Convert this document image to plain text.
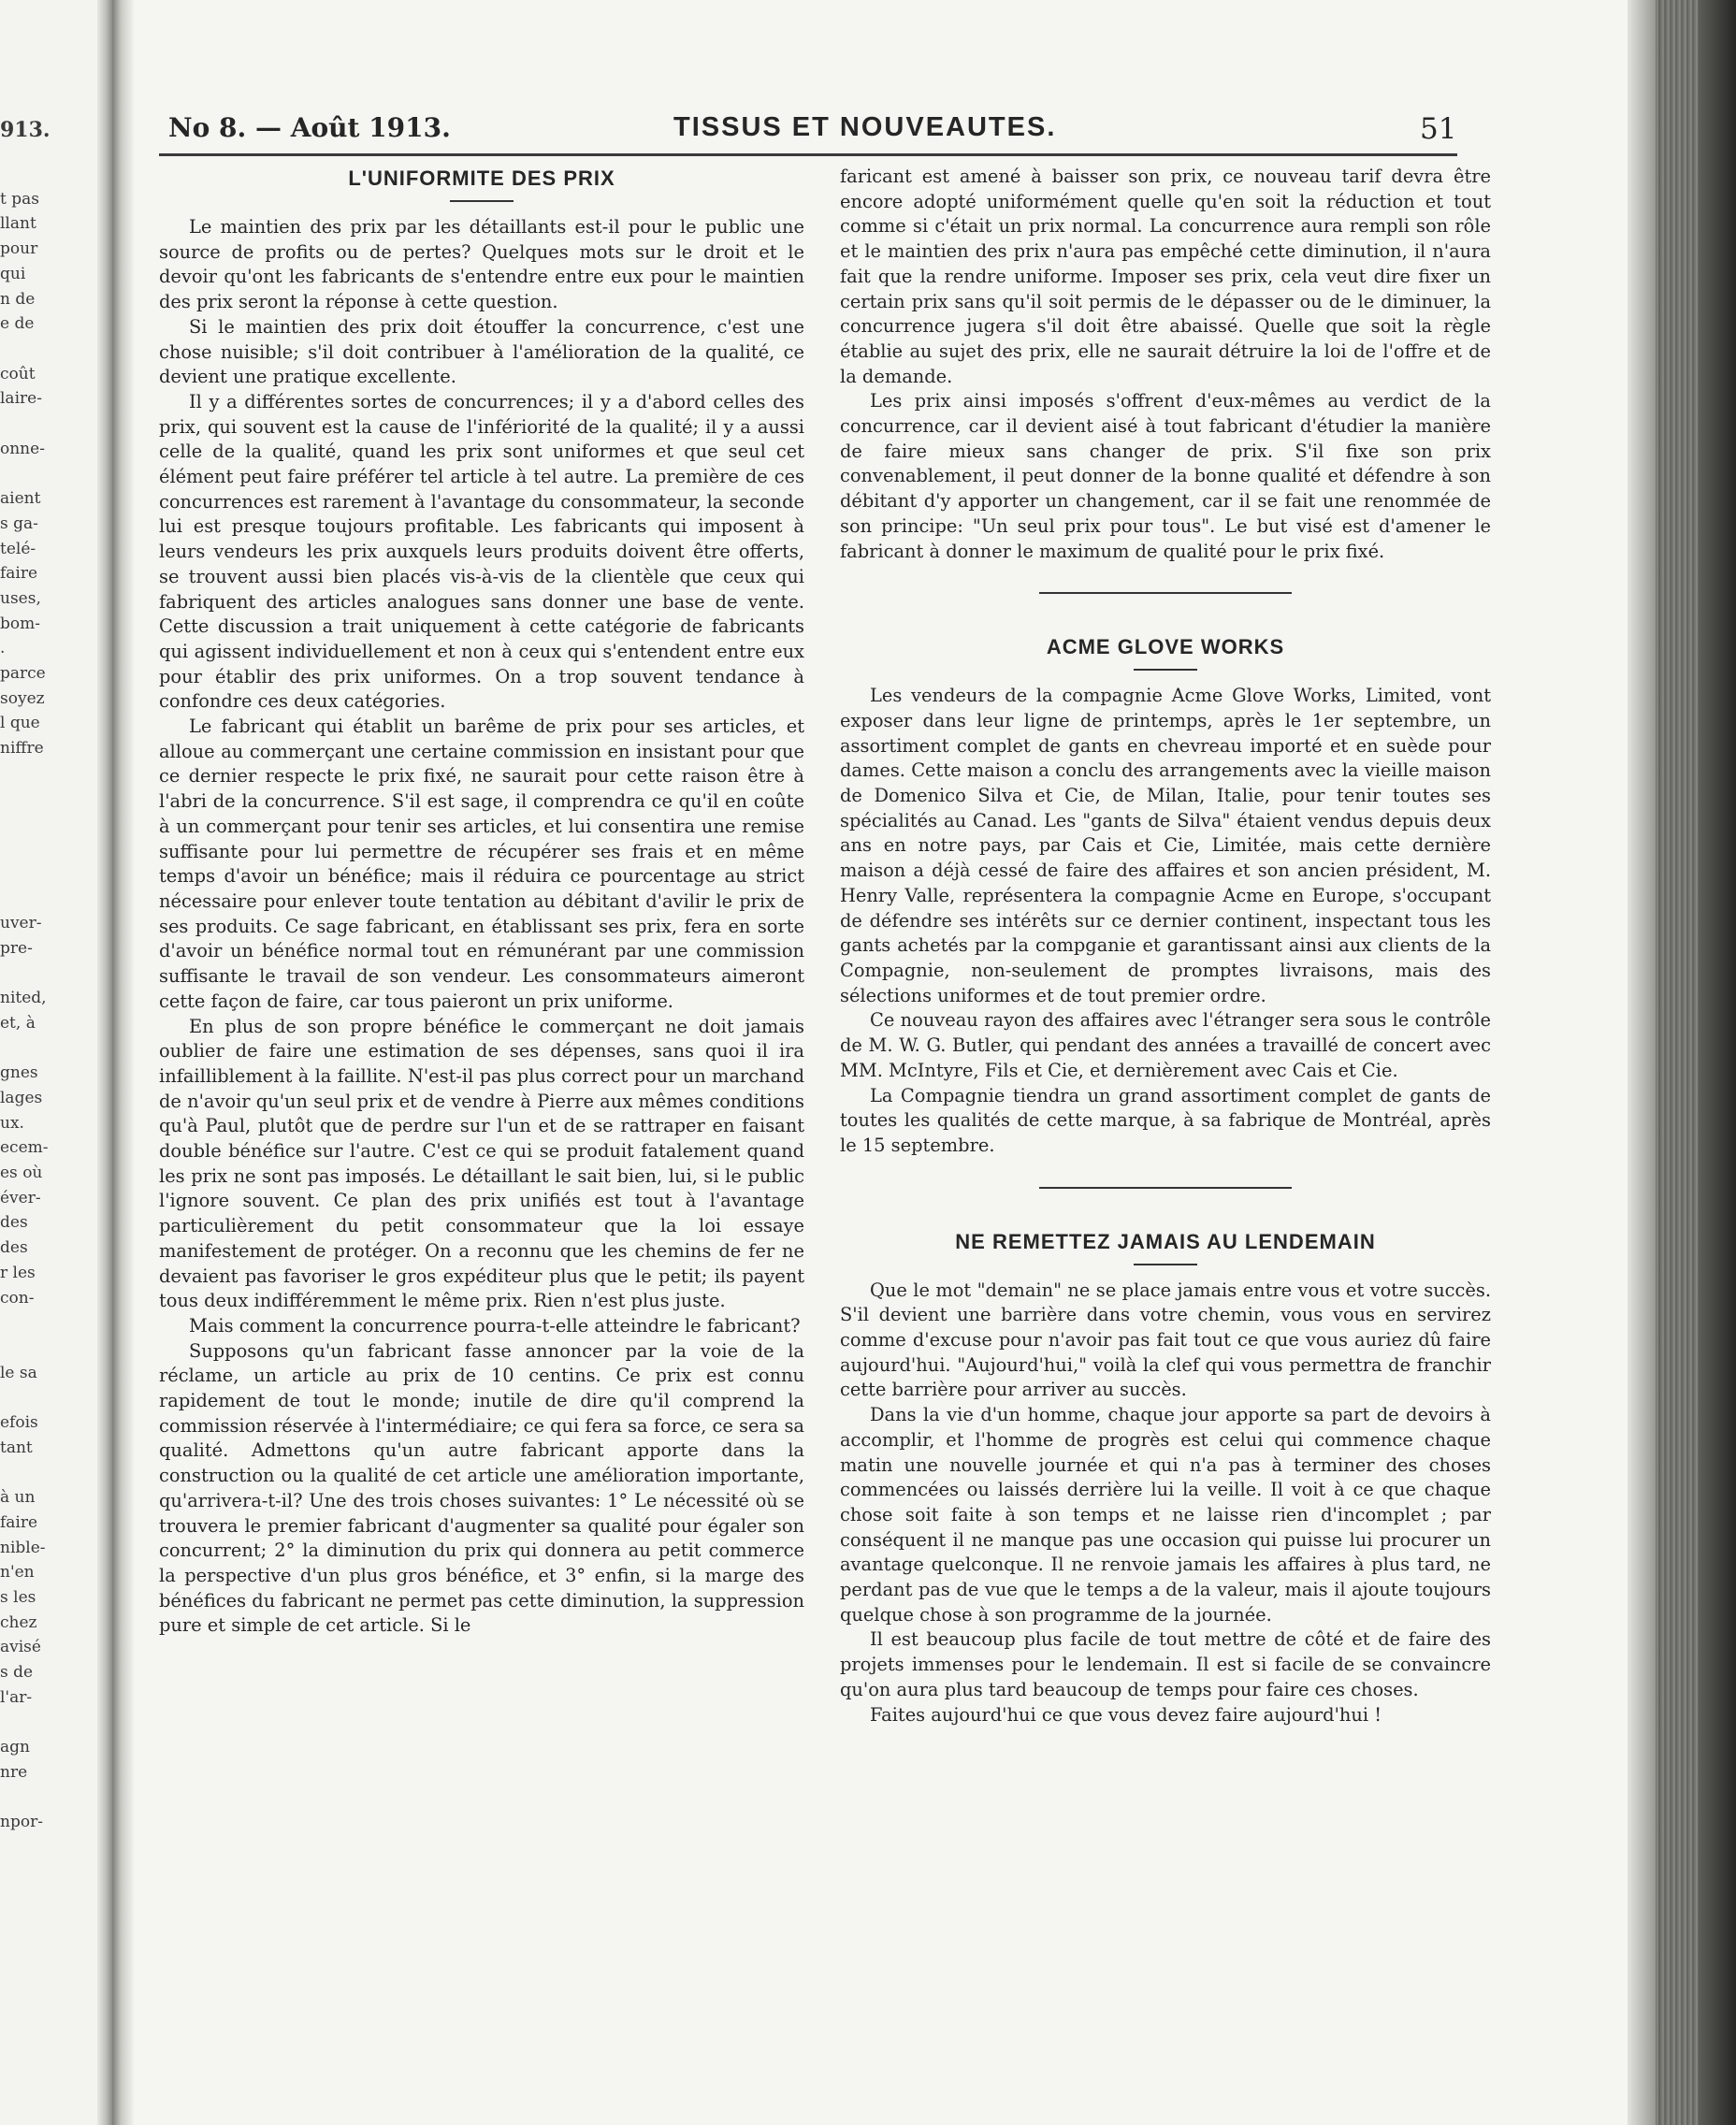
913.
t pas
llant
pour
qui
n de
e de
coût
laire-
onne-
aient
s ga-
telé-
faire
uses,
bom-
.
parce
soyez
l que
niffre
uver-
pre-
nited,
et, à
gnes
lages
ux.
ecem-
es où
éver-
des
des
r les
con-
le sa
efois
tant
à un
faire
nible-
n'en
s les
chez
avisé
s de
l'ar-
agn
nre
npor-
No 8. — Août 1913.	TISSUS ET NOUVEAUTES.	51
L'UNIFORMITE DES PRIX

Le maintien des prix par les détaillants est-il pour le public une source de profits ou de pertes? Quelques mots sur le droit et le devoir qu'ont les fabricants de s'entendre entre eux pour le maintien des prix seront la réponse à cette question.

Si le maintien des prix doit étouffer la concurrence, c'est une chose nuisible; s'il doit contribuer à l'amélioration de la qualité, ce devient une pratique excellente.

Il y a différentes sortes de concurrences; il y a d'abord celles des prix, qui souvent est la cause de l'infériorité de la qualité; il y a aussi celle de la qualité, quand les prix sont uniformes et que seul cet élément peut faire préférer tel article à tel autre. La première de ces concurrences est rarement à l'avantage du consommateur, la seconde lui est presque toujours profitable. Les fabricants qui imposent à leurs vendeurs les prix auxquels leurs produits doivent être offerts, se trouvent aussi bien placés vis-à-vis de la clientèle que ceux qui fabriquent des articles analogues sans donner une base de vente. Cette discussion a trait uniquement à cette catégorie de fabricants qui agissent individuellement et non à ceux qui s'entendent entre eux pour établir des prix uniformes. On a trop souvent tendance à confondre ces deux catégories.

Le fabricant qui établit un barême de prix pour ses articles, et alloue au commerçant une certaine commission en insistant pour que ce dernier respecte le prix fixé, ne saurait pour cette raison être à l'abri de la concurrence. S'il est sage, il comprendra ce qu'il en coûte à un commerçant pour tenir ses articles, et lui consentira une remise suffisante pour lui permettre de récupérer ses frais et en même temps d'avoir un bénéfice; mais il réduira ce pourcentage au strict nécessaire pour enlever toute tentation au débitant d'avilir le prix de ses produits. Ce sage fabricant, en établissant ses prix, fera en sorte d'avoir un bénéfice normal tout en rémunérant par une commission suffisante le travail de son vendeur. Les consommateurs aimeront cette façon de faire, car tous paieront un prix uniforme.

En plus de son propre bénéfice le commerçant ne doit jamais oublier de faire une estimation de ses dépenses, sans quoi il ira infailliblement à la faillite. N'est-il pas plus correct pour un marchand de n'avoir qu'un seul prix et de vendre à Pierre aux mêmes conditions qu'à Paul, plutôt que de perdre sur l'un et de se rattraper en faisant double bénéfice sur l'autre. C'est ce qui se produit fatalement quand les prix ne sont pas imposés. Le détaillant le sait bien, lui, si le public l'ignore souvent. Ce plan des prix unifiés est tout à l'avantage particulièrement du petit consommateur que la loi essaye manifestement de protéger. On a reconnu que les chemins de fer ne devaient pas favoriser le gros expéditeur plus que le petit; ils payent tous deux indifféremment le même prix. Rien n'est plus juste.

Mais comment la concurrence pourra-t-elle atteindre le fabricant?

Supposons qu'un fabricant fasse annoncer par la voie de la réclame, un article au prix de 10 centins. Ce prix est connu rapidement de tout le monde; inutile de dire qu'il comprend la commission réservée à l'intermédiaire; ce qui fera sa force, ce sera sa qualité. Admettons qu'un autre fabricant apporte dans la construction ou la qualité de cet article une amélioration importante, qu'arrivera-t-il? Une des trois choses suivantes: 1° Le nécessité où se trouvera le premier fabricant d'augmenter sa qualité pour égaler son concurrent; 2° la diminution du prix qui donnera au petit commerce la perspective d'un plus gros bénéfice, et 3° enfin, si la marge des bénéfices du fabricant ne permet pas cette diminution, la suppression pure et simple de cet article. Si le

faricant est amené à baisser son prix, ce nouveau tarif devra être encore adopté uniformément quelle qu'en soit la réduction et tout comme si c'était un prix normal. La concurrence aura rempli son rôle et le maintien des prix n'aura pas empêché cette diminution, il n'aura fait que la rendre uniforme. Imposer ses prix, cela veut dire fixer un certain prix sans qu'il soit permis de le dépasser ou de le diminuer, la concurrence jugera s'il doit être abaissé. Quelle que soit la règle établie au sujet des prix, elle ne saurait détruire la loi de l'offre et de la demande.

Les prix ainsi imposés s'offrent d'eux-mêmes au verdict de la concurrence, car il devient aisé à tout fabricant d'étudier la manière de faire mieux sans changer de prix. S'il fixe son prix convenablement, il peut donner de la bonne qualité et défendre à son débitant d'y apporter un changement, car il se fait une renommée de son principe: "Un seul prix pour tous". Le but visé est d'amener le fabricant à donner le maximum de qualité pour le prix fixé.

ACME GLOVE WORKS

Les vendeurs de la compagnie Acme Glove Works, Limited, vont exposer dans leur ligne de printemps, après le 1er septembre, un assortiment complet de gants en chevreau importé et en suède pour dames. Cette maison a conclu des arrangements avec la vieille maison de Domenico Silva et Cie, de Milan, Italie, pour tenir toutes ses spécialités au Canad. Les "gants de Silva" étaient vendus depuis deux ans en notre pays, par Cais et Cie, Limitée, mais cette dernière maison a déjà cessé de faire des affaires et son ancien président, M. Henry Valle, représentera la compagnie Acme en Europe, s'occupant de défendre ses intérêts sur ce dernier continent, inspectant tous les gants achetés par la compganie et garantissant ainsi aux clients de la Compagnie, non-seulement de promptes livraisons, mais des sélections uniformes et de tout premier ordre.

Ce nouveau rayon des affaires avec l'étranger sera sous le contrôle de M. W. G. Butler, qui pendant des années a travaillé de concert avec MM. McIntyre, Fils et Cie, et dernièrement avec Cais et Cie.

La Compagnie tiendra un grand assortiment complet de gants de toutes les qualités de cette marque, à sa fabrique de Montréal, après le 15 septembre.

NE REMETTEZ JAMAIS AU LENDEMAIN

Que le mot "demain" ne se place jamais entre vous et votre succès. S'il devient une barrière dans votre chemin, vous vous en servirez comme d'excuse pour n'avoir pas fait tout ce que vous auriez dû faire aujourd'hui. "Aujourd'hui," voilà la clef qui vous permettra de franchir cette barrière pour arriver au succès.

Dans la vie d'un homme, chaque jour apporte sa part de devoirs à accomplir, et l'homme de progrès est celui qui commence chaque matin une nouvelle journée et qui n'a pas à terminer des choses commencées ou laissés derrière lui la veille. Il voit à ce que chaque chose soit faite à son temps et ne laisse rien d'incomplet ; par conséquent il ne manque pas une occasion qui puisse lui procurer un avantage quelconque. Il ne renvoie jamais les affaires à plus tard, ne perdant pas de vue que le temps a de la valeur, mais il ajoute toujours quelque chose à son programme de la journée.

Il est beaucoup plus facile de tout mettre de côté et de faire des projets immenses pour le lendemain. Il est si facile de se convaincre qu'on aura plus tard beaucoup de temps pour faire ces choses.

Faites aujourd'hui ce que vous devez faire aujourd'hui !
